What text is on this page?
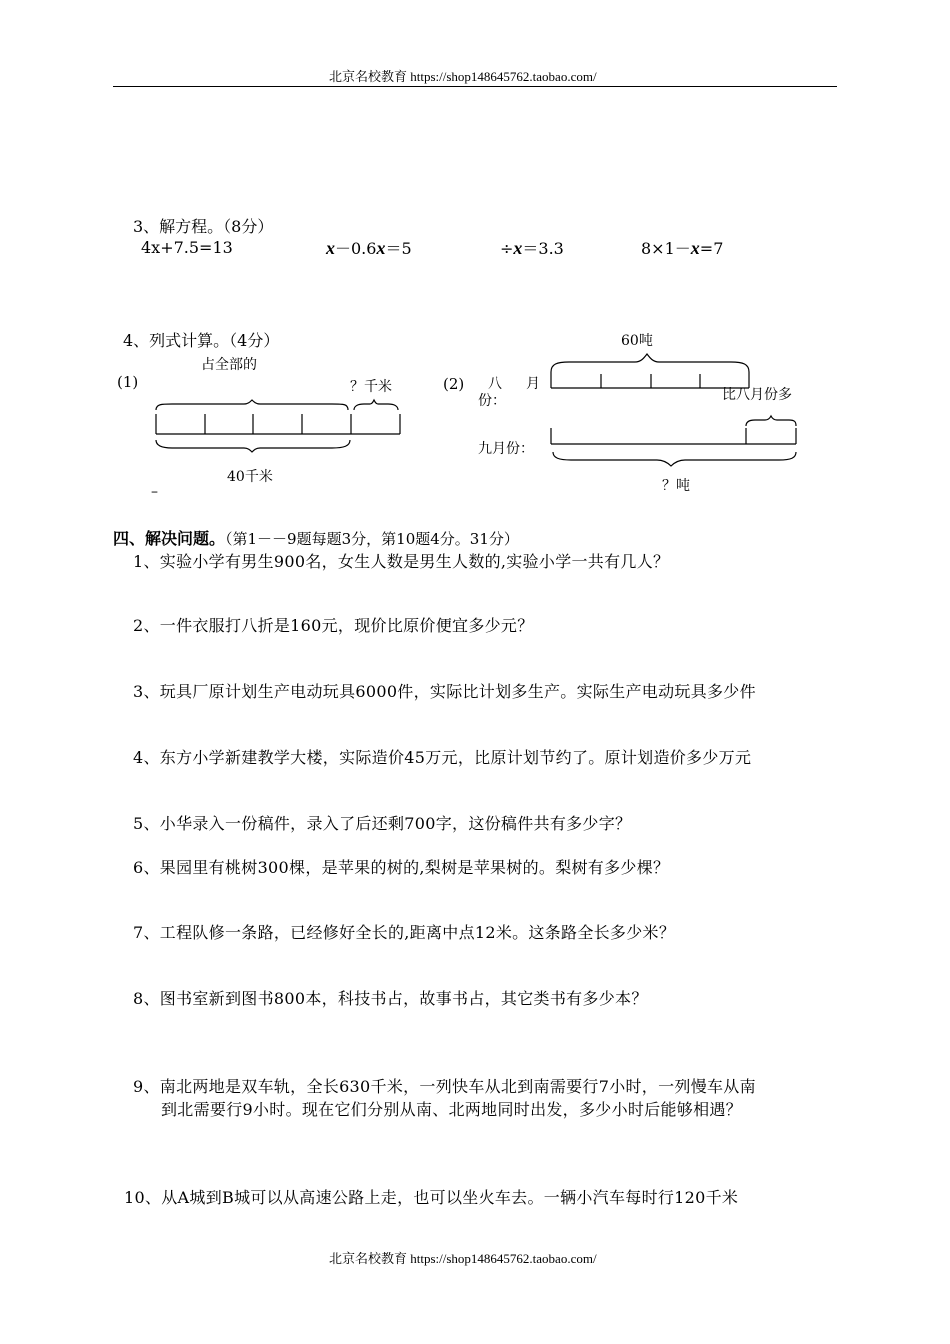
北京名校教育 https://shop148645762.taobao.com/
3、解方程。（8分）
4x+7.5=13	x－0.6x＝5	÷x＝3.3	8×1－x=7
4、列式计算。（4分）
(1)
占全部的
？千米
40千米
–
(2)
60吨
八 月
份：	比八月份多
九月份：
？吨
四、解决问题。（第1－－9题每题3分，第10题4分。31分）
1、实验小学有男生900名，女生人数是男生人数的,实验小学一共有几人？
2、一件衣服打八折是160元，现价比原价便宜多少元？
3、玩具厂原计划生产电动玩具6000件，实际比计划多生产。实际生产电动玩具多少件
4、东方小学新建教学大楼，实际造价45万元，比原计划节约了。原计划造价多少万元
5、小华录入一份稿件，录入了后还剩700字，这份稿件共有多少字？
6、果园里有桃树300棵，是苹果的树的,梨树是苹果树的。梨树有多少棵？
7、工程队修一条路，已经修好全长的,距离中点12米。这条路全长多少米？
8、图书室新到图书800本，科技书占，故事书占，其它类书有多少本？
9、南北两地是双车轨，全长630千米，一列快车从北到南需要行7小时，一列慢车从南
到北需要行9小时。现在它们分别从南、北两地同时出发，多少小时后能够相遇？
10、从A城到B城可以从高速公路上走，也可以坐火车去。一辆小汽车每时行120千米
北京名校教育 https://shop148645762.taobao.com/
